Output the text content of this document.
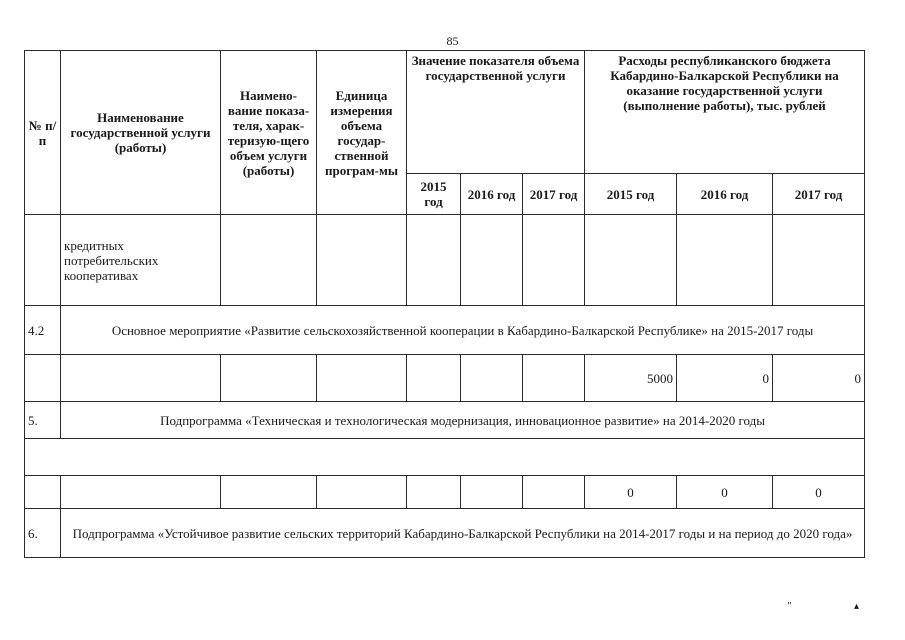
85
№ п/п	Наименование государственной услуги (работы)	Наимено-вание показа-теля, харак-теризую-щего объем услуги (работы)	Единица измерения объема государ-ственной програм-мы	Значение показателя объема государственной услуги			Расходы республиканского бюджета Кабардино-Балкарской Республики на оказание государственной услуги (выполнение работы), тыс. рублей		
				2015 год	2016 год	2017 год	2015 год	2016 год	2017 год
	кредитных потребительских кооперативах								
4.2	Основное мероприятие «Развитие сельскохозяйственной кооперации в Кабардино-Балкарской Республике» на 2015-2017 годы								
							5000	0	0
5.	Подпрограмма «Техническая и технологическая модернизация, инновационное развитие» на 2014-2020 годы								

							0	0	0
6.	Подпрограмма «Устойчивое развитие сельских территорий Кабардино-Балкарской Республики на 2014-2017 годы и на период до 2020 года»								
" ▴
